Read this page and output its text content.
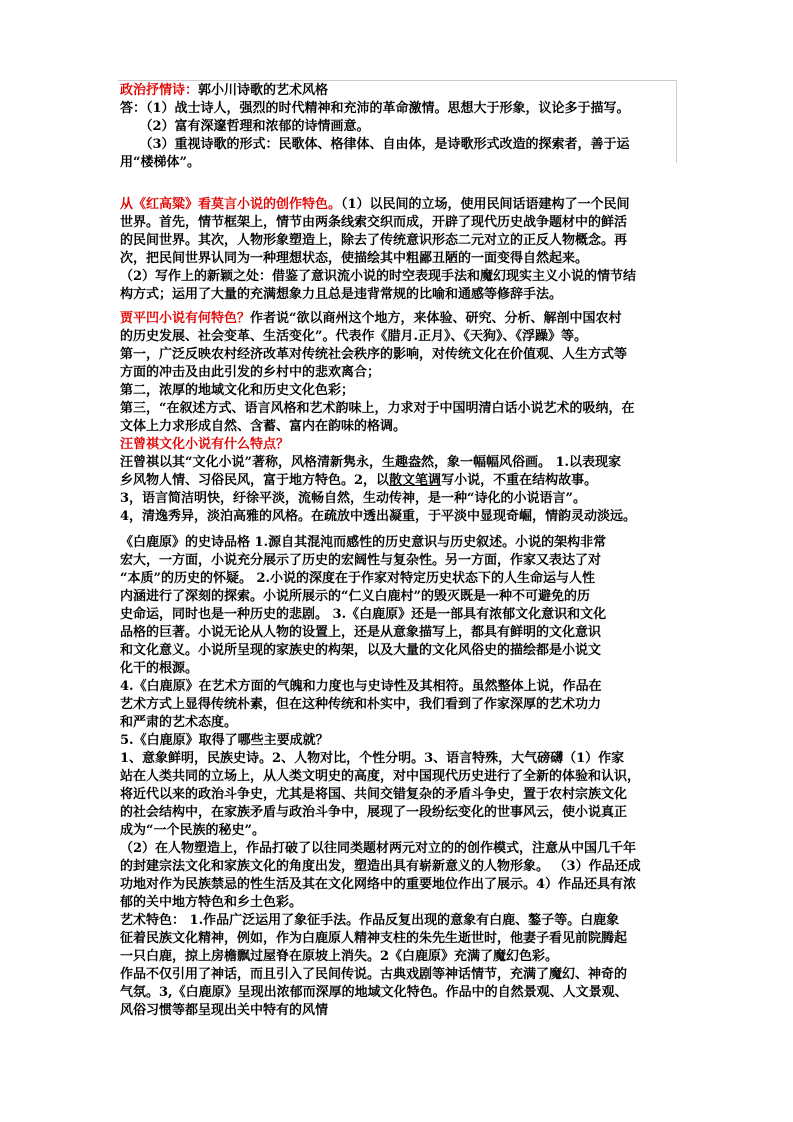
政治抒情诗：郭小川诗歌的艺术风格
答：（1）战士诗人，强烈的时代精神和充沛的革命激情。思想大于形象，议论多于描写。
　　（2）富有深邃哲理和浓郁的诗情画意。
　　（3）重视诗歌的形式：民歌体、格律体、自由体，是诗歌形式改造的探索者，善于运
用“楼梯体”。
从《红高粱》看莫言小说的创作特色。（1）以民间的立场，使用民间话语建构了一个民间
世界。首先，情节框架上，情节由两条线索交织而成，开辟了现代历史战争题材中的鲜活
的民间世界。其次，人物形象塑造上，除去了传统意识形态二元对立的正反人物概念。再
次，把民间世界认同为一种理想状态，使描绘其中粗鄙丑陋的一面变得自然起来。
（2）写作上的新颖之处：借鉴了意识流小说的时空表现手法和魔幻现实主义小说的情节结
构方式；运用了大量的充满想象力且总是违背常规的比喻和通感等修辞手法。
贾平凹小说有何特色？作者说“欲以商州这个地方，来体验、研究、分析、解剖中国农村
的历史发展、社会变革、生活变化”。代表作《腊月.正月》、《天狗》、《浮躁》等。
第一，广泛反映农村经济改革对传统社会秩序的影响，对传统文化在价值观、人生方式等
方面的冲击及由此引发的乡村中的悲欢离合；
第二，浓厚的地域文化和历史文化色彩；
第三，“在叙述方式、语言风格和艺术韵味上，力求对于中国明清白话小说艺术的吸纳，在
文体上力求形成自然、含蓄、富内在韵味的格调。
汪曾祺文化小说有什么特点？
汪曾祺以其“文化小说”著称，风格清新隽永，生趣盎然，象一幅幅风俗画。 1.以表现家
乡风物人情、习俗民风，富于地方特色。2，以散文笔调写小说，不重在结构故事。
3，语言简洁明快，纡徐平淡，流畅自然，生动传神，是一种“诗化的小说语言”。
4，清逸秀异，淡泊高雅的风格。在疏放中透出凝重，于平淡中显现奇崛，情韵灵动淡远。
《白鹿原》的史诗品格 1.源自其混沌而感性的历史意识与历史叙述。小说的架构非常
宏大，一方面，小说充分展示了历史的宏阔性与复杂性。另一方面，作家又表达了对
“本质”的历史的怀疑。 2.小说的深度在于作家对特定历史状态下的人生命运与人性
内涵进行了深刻的探索。小说所展示的“仁义白鹿村”的毁灭既是一种不可避免的历
史命运，同时也是一种历史的悲剧。 3.《白鹿原》还是一部具有浓郁文化意识和文化
品格的巨著。小说无论从人物的设置上，还是从意象描写上，都具有鲜明的文化意识
和文化意义。小说所呈现的家族史的构架，以及大量的文化风俗史的描绘都是小说文
化干的根源。
4.《白鹿原》在艺术方面的气魄和力度也与史诗性及其相符。虽然整体上说，作品在
艺术方式上显得传统朴素，但在这种传统和朴实中，我们看到了作家深厚的艺术功力
和严肃的艺术态度。
5.《白鹿原》取得了哪些主要成就？
1、意象鲜明，民族史诗。2、人物对比，个性分明。3、语言特殊，大气磅礴（1）作家
站在人类共同的立场上，从人类文明史的高度，对中国现代历史进行了全新的体验和认识，
将近代以来的政治斗争史，尤其是将国、共间交错复杂的矛盾斗争史，置于农村宗族文化
的社会结构中，在家族矛盾与政治斗争中，展现了一段纷纭变化的世事风云，使小说真正
成为“一个民族的秘史”。
（2）在人物塑造上，作品打破了以往同类题材两元对立的的创作模式，注意从中国几千年
的封建宗法文化和家族文化的角度出发，塑造出具有崭新意义的人物形象。 （3）作品还成
功地对作为民族禁忌的性生活及其在文化网络中的重要地位作出了展示。4）作品还具有浓
郁的关中地方特色和乡土色彩。
艺术特色： 1.作品广泛运用了象征手法。作品反复出现的意象有白鹿、鏊子等。白鹿象
征着民族文化精神，例如，作为白鹿原人精神支柱的朱先生逝世时，他妻子看见前院腾起
一只白鹿，掠上房檐飘过屋脊在原坡上消失。2《白鹿原》充满了魔幻色彩。
作品不仅引用了神话，而且引入了民间传说。古典戏剧等神话情节，充满了魔幻、神奇的
气氛。3,《白鹿原》呈现出浓郁而深厚的地域文化特色。作品中的自然景观、人文景观、
风俗习惯等都呈现出关中特有的风情
